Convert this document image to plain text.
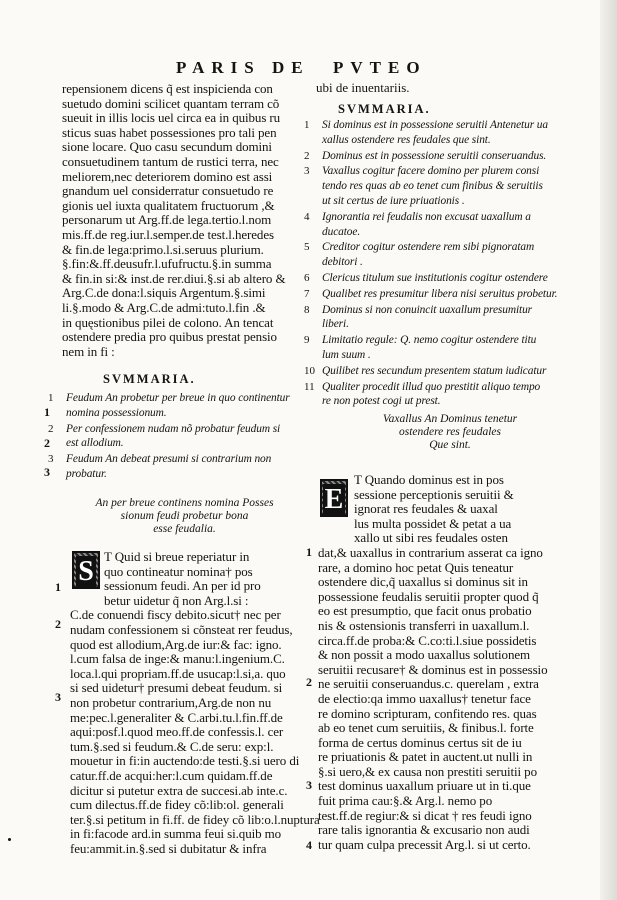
PARIS DE PVTEO
repensionem dicens q̃ est inspicienda con
suetudo domini scilicet quantam terram cõ
sueuit in illis locis uel circa ea in quibus ru
sticus suas habet possessiones pro tali pen
sione locare. Quo casu secundum domini
consuetudinem tantum de rustici terra, nec
meliorem,nec deteriorem domino est assi
gnandum uel considerratur consuetudo re
gionis uel iuxta qualitatem fructuorum ,&
personarum ut Arg.ff.de lega.tertio.l.nom
mis.ff.de reg.iur.l.semper.de test.l.heredes
& fin.de lega:primo.l.si.seruus plurium.
§.fin:&.ff.deusufr.l.ufufructu.§.in summa
& fin.in si:& inst.de rer.diui.§.si ab altero &
Arg.C.de dona:l.siquis Argentum.§.simi
li.§.modo & Arg.C.de admi:tuto.l.fin .&
in quęstionibus pilei de colono. An tencat
ostendere predia pro quibus prestat pensio
nem in fi :
SVMMARIA.
1 Feudum An probetur per breue in quo continentur
nomina possessionum.
2 Per confessionem nudam nõ probatur feudum si
est allodium.
3 Feudum An debeat presumi si contrarium non
probatur.
An per breue continens nomina Posses
sionum feudi probetur bona
esse feudalia.
S T Quid si breue reperiatur in
quo contineatur nomina† pos
sessionum feudi. An per id pro
betur uidetur q̃ non Arg.l.si :
C.de conuendi fiscy debito.sicut† nec per
nudam confessionem si cõnsteat rer feudus,
quod est allodium,Arg.de iur:& fac: igno.
l.cum falsa de inge:& manu:l.ingenium.C.
loca.l.qui propriam.ff.de usucap:l.si,a. quo
si sed uidetur† presumi debeat feudum. si
non probetur contrarium,Arg.de non nu
me:pec.l.generaliter & C.arbi.tu.l.fin.ff.de
aqui:posf.l.quod meo.ff.de confessis.l. cer
tum.§.sed si feudum.& C.de seru: exp:l.
mouetur in fi:in auctendo:de testi.§.si uero di
catur.ff.de acqui:her:l.cum quidam.ff.de
dicitur si putetur extra de succesi.ab inte.c.
cum dilectus.ff.de fidey cõ:lib:ol. generali
ter.§.si petitum in fi.ff. de fidey cõ lib:o.l.nuptura
in fi:facode ard.in summa feui si.quib mo
feu:ammit.in.§.sed si dubitatur & infra
ubi de inuentariis.
SVMMARIA.
1 Si dominus est in possessione seruitii Antenetur ua
xallus ostendere res feudales que sint.
2 Dominus est in possessione seruitii conseruandus.
3 Vaxallus cogitur facere domino per plurem consi
tendo res quas ab eo tenet cum finibus & seruitiis
ut sit certus de iure priuationis .
4 Ignorantia rei feudalis non excusat uaxallum a
ducatoe.
5 Creditor cogitur ostendere rem sibi pignoratam
debitori .
6 Clericus titulum sue institutionis cogitur ostendere
7 Qualibet res presumitur libera nisi seruitus probetur.
8 Dominus si non conuincit uaxallum presumitur
liberi.
9 Limitatio regule: Q. nemo cogitur ostendere titu
lum suum .
10 Quilibet res secundum presentem statum iudicatur
11 Qualiter procedit illud quo prestitit aliquo tempo
re non potest cogi ut prest.
Vaxallus An Dominus tenetur
ostendere res feudales
Que sint.
E
T Quando dominus est in pos
sessione perceptionis seruitii &
ignorat res feudales & uaxal
lus multa possidet & petat a ua
xallo ut sibi res feudales osten
dat,& uaxallus in contrarium asserat ca igno
rare, a domino hoc petat Quis teneatur
ostendere dic,q̃ uaxallus si dominus sit in
possessione feudalis seruitii propter quod q̃
eo est presumptio, que facit onus probatio
nis & ostensionis transferri in uaxallum.l.
circa.ff.de proba:& C.co:ti.l.siue possidetis
& non possit a modo uaxallus solutionem
seruitii recusare† & dominus est in possessio
ne seruitii conseruandus.c. querelam , extra
de electio:qa immo uaxallus† tenetur face
re domino scripturam, confitendo res. quas
ab eo tenet cum seruitiis, & finibus.l. forte
forma de certus dominus certus sit de iu
re priuationis & patet in auctent.ut nulli in
§.si uero,& ex causa non prestiti seruitii po
test dominus uaxallum priuare ut in ti.que
fuit prima cau:§.& Arg.l. nemo po
test.ff.de regiur:& si dicat † res feudi igno
rare talis ignorantia & excusario non audi
tur quam culpa precessit Arg.l. si ut certo.
1
2
3
1
2
3
1
2
3
4
